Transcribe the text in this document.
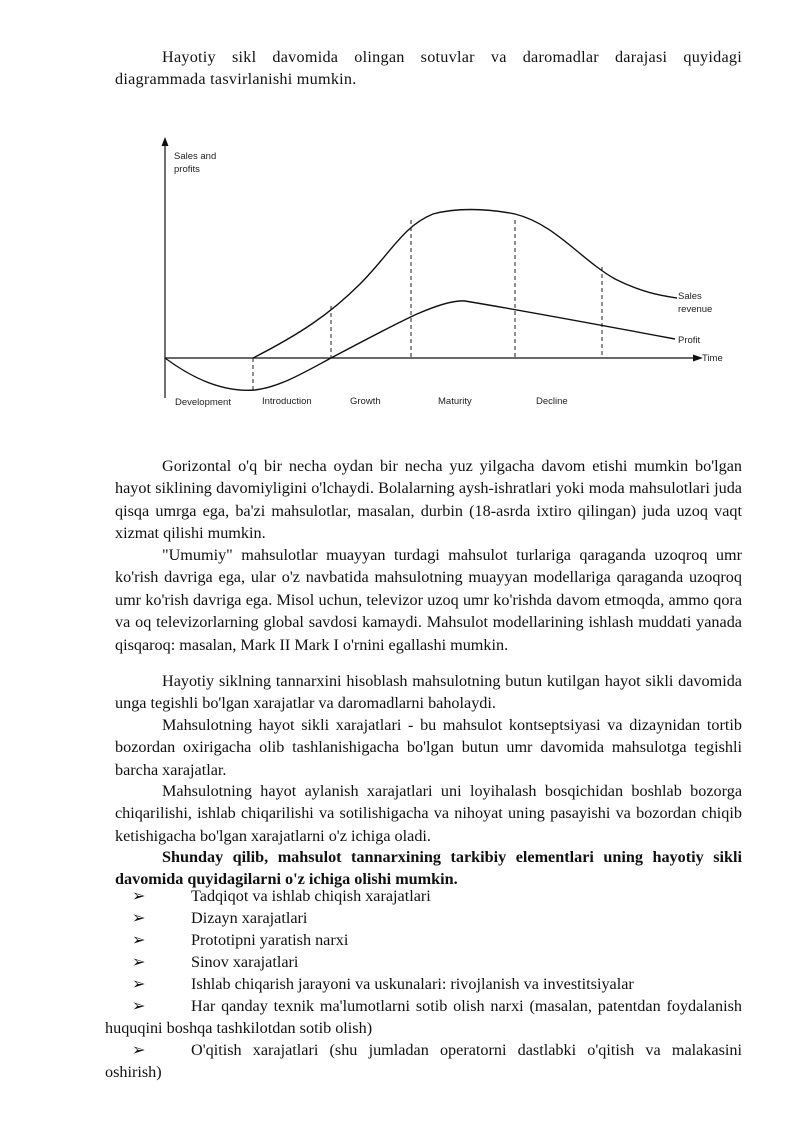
Hayotiy sikl davomida olingan sotuvlar va daromadlar darajasi quyidagi diagrammada tasvirlanishi mumkin.

Sales and
profits
Time
Sales
revenue
Profit
Development	Introduction	Growth	Maturity	Decline

Gorizontal o'q bir necha oydan bir necha yuz yilgacha davom etishi mumkin bo'lgan hayot siklining davomiyligini o'lchaydi. Bolalarning aysh-ishratlari yoki moda mahsulotlari juda qisqa umrga ega, ba'zi mahsulotlar, masalan, durbin (18-asrda ixtiro qilingan) juda uzoq vaqt xizmat qilishi mumkin.

"Umumiy" mahsulotlar muayyan turdagi mahsulot turlariga qaraganda uzoqroq umr ko'rish davriga ega, ular o'z navbatida mahsulotning muayyan modellariga qaraganda uzoqroq umr ko'rish davriga ega. Misol uchun, televizor uzoq umr ko'rishda davom etmoqda, ammo qora va oq televizorlarning global savdosi kamaydi. Mahsulot modellarining ishlash muddati yanada qisqaroq: masalan, Mark II Mark I o'rnini egallashi mumkin.

Hayotiy siklning tannarxini hisoblash mahsulotning butun kutilgan hayot sikli davomida unga tegishli bo'lgan xarajatlar va daromadlarni baholaydi.

Mahsulotning hayot sikli xarajatlari - bu mahsulot kontseptsiyasi va dizaynidan tortib bozordan oxirigacha olib tashlanishigacha bo'lgan butun umr davomida mahsulotga tegishli barcha xarajatlar.

Mahsulotning hayot aylanish xarajatlari uni loyihalash bosqichidan boshlab bozorga chiqarilishi, ishlab chiqarilishi va sotilishigacha va nihoyat uning pasayishi va bozordan chiqib ketishigacha bo'lgan xarajatlarni o'z ichiga oladi.

Shunday qilib, mahsulot tannarxining tarkibiy elementlari uning hayotiy sikli davomida quyidagilarni o'z ichiga olishi mumkin.

➢	Tadqiqot va ishlab chiqish xarajatlari
➢	Dizayn xarajatlari
➢	Prototipni yaratish narxi
➢	Sinov xarajatlari
➢	Ishlab chiqarish jarayoni va uskunalari: rivojlanish va investitsiyalar
➢	Har qanday texnik ma'lumotlarni sotib olish narxi (masalan, patentdan foydalanish huquqini boshqa tashkilotdan sotib olish)
➢	O'qitish xarajatlari (shu jumladan operatorni dastlabki o'qitish va malakasini oshirish)
